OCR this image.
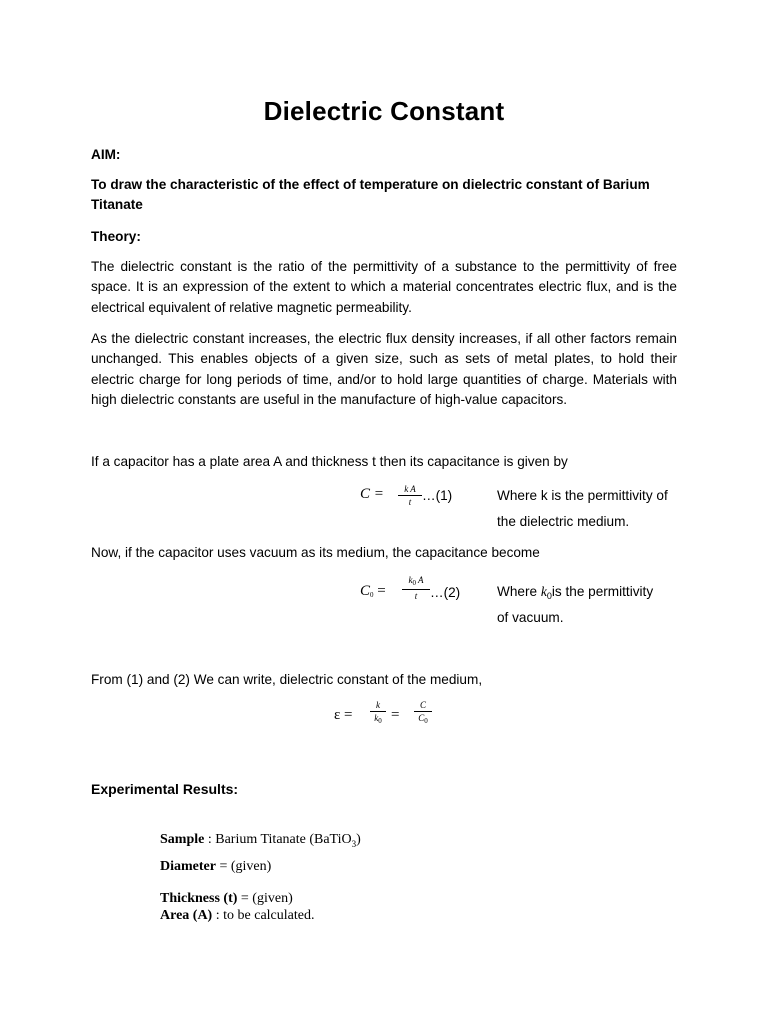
Dielectric Constant
AIM:
To draw the characteristic of the effect of temperature on dielectric constant of Barium Titanate
Theory:
The dielectric constant is the ratio of the permittivity of a substance to the permittivity of free space. It is an expression of the extent to which a material concentrates electric flux, and is the electrical equivalent of relative magnetic permeability.
As the dielectric constant increases, the electric flux density increases, if all other factors remain unchanged. This enables objects of a given size, such as sets of metal plates, to hold their electric charge for long periods of time, and/or to hold large quantities of charge. Materials with high dielectric constants are useful in the manufacture of high-value capacitors.
If a capacitor has a plate area A and thickness t then its capacitance is given by
C =	k A
t …(1)	Where k is the permittivity of
the dielectric medium.
Now, if the capacitor uses vacuum as its medium, the capacitance become
$C_0$ =
$k_0$ A
t …(2)	Where $k_0is$ the permittivity
of vacuum.
From (1) and (2) We can write, dielectric constant of the medium,
ε =
k
$k_0$ =
C
$C_0$
Experimental Results:
Sample : Barium Titanate (BaTiO$_3$)
Diameter = (given)
Thickness (t) = (given)
Area (A) : to be calculated.
